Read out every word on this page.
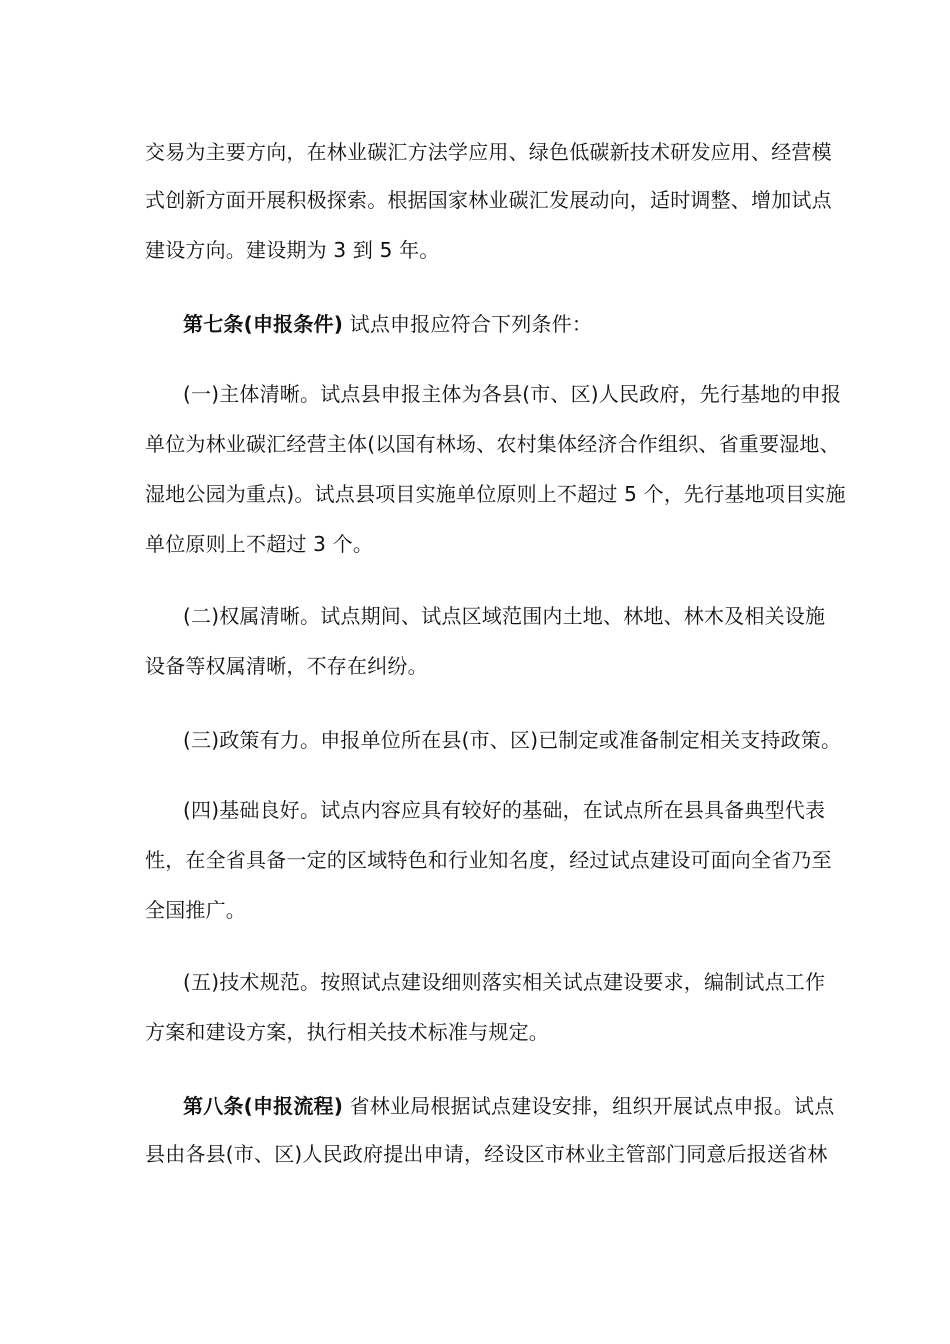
交易为主要方向，在林业碳汇方法学应用、绿色低碳新技术研发应用、经营模
式创新方面开展积极探索。根据国家林业碳汇发展动向，适时调整、增加试点
建设方向。建设期为 3 到 5 年。
第七条(申报条件) 试点申报应符合下列条件：
(一)主体清晰。试点县申报主体为各县(市、区)人民政府，先行基地的申报
单位为林业碳汇经营主体(以国有林场、农村集体经济合作组织、省重要湿地、
湿地公园为重点)。试点县项目实施单位原则上不超过 5 个，先行基地项目实施
单位原则上不超过 3 个。
(二)权属清晰。试点期间、试点区域范围内土地、林地、林木及相关设施
设备等权属清晰，不存在纠纷。
(三)政策有力。申报单位所在县(市、区)已制定或准备制定相关支持政策。
(四)基础良好。试点内容应具有较好的基础，在试点所在县具备典型代表
性，在全省具备一定的区域特色和行业知名度，经过试点建设可面向全省乃至
全国推广。
(五)技术规范。按照试点建设细则落实相关试点建设要求，编制试点工作
方案和建设方案，执行相关技术标准与规定。
第八条(申报流程) 省林业局根据试点建设安排，组织开展试点申报。试点
县由各县(市、区)人民政府提出申请，经设区市林业主管部门同意后报送省林
